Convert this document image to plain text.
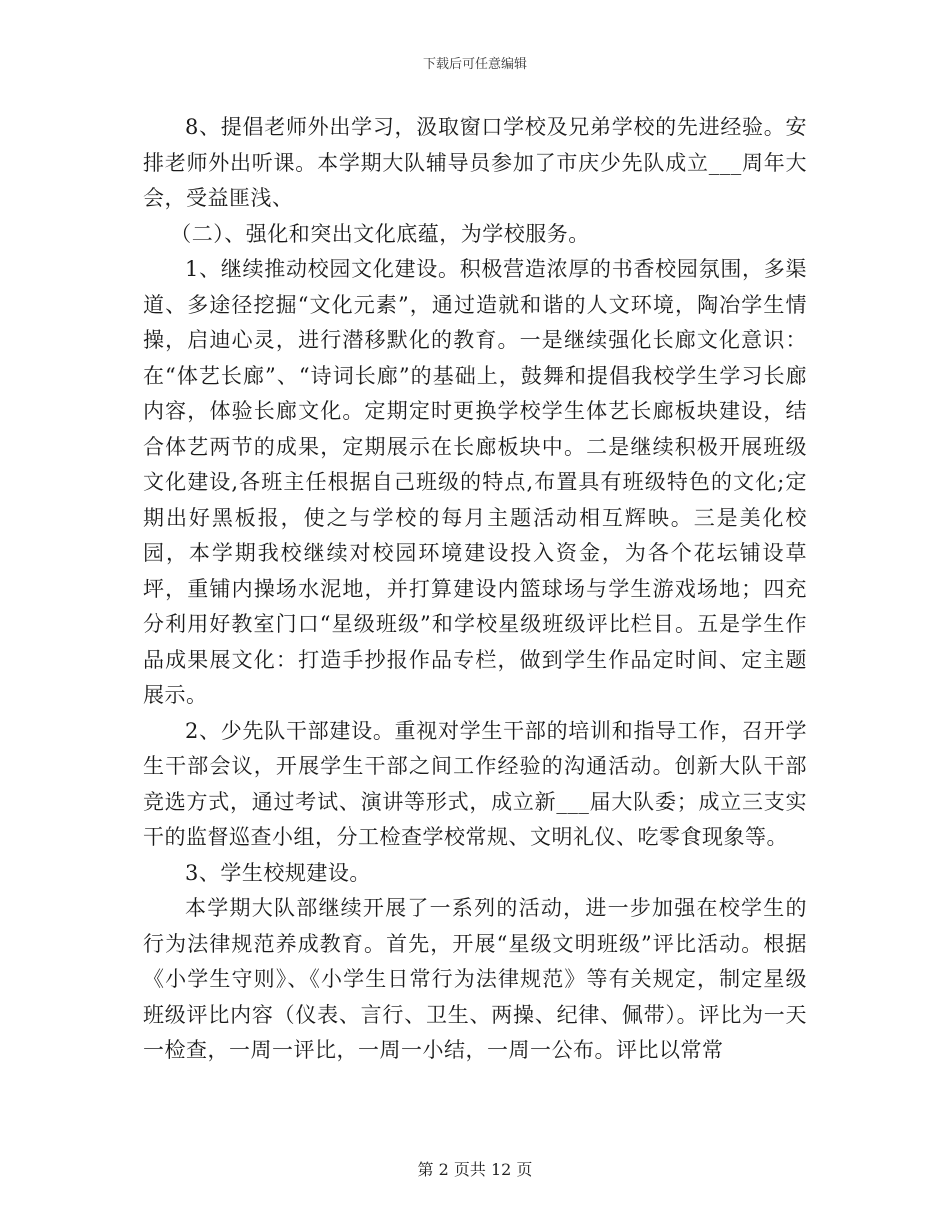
下载后可任意编辑

8、提倡老师外出学习，汲取窗口学校及兄弟学校的先进经验。安排老师外出听课。本学期大队辅导员参加了市庆少先队成立___周年大会，受益匪浅、

（二）、强化和突出文化底蕴，为学校服务。

1、继续推动校园文化建设。积极营造浓厚的书香校园氛围，多渠道、多途径挖掘“文化元素”，通过造就和谐的人文环境，陶冶学生情操，启迪心灵，进行潜移默化的教育。一是继续强化长廊文化意识：在“体艺长廊”、“诗词长廊”的基础上，鼓舞和提倡我校学生学习长廊内容，体验长廊文化。定期定时更换学校学生体艺长廊板块建设，结合体艺两节的成果，定期展示在长廊板块中。二是继续积极开展班级文化建设,各班主任根据自己班级的特点,布置具有班级特色的文化;定期出好黑板报，使之与学校的每月主题活动相互辉映。三是美化校园，本学期我校继续对校园环境建设投入资金，为各个花坛铺设草坪，重铺内操场水泥地，并打算建设内篮球场与学生游戏场地；四充分利用好教室门口“星级班级”和学校星级班级评比栏目。五是学生作品成果展文化：打造手抄报作品专栏，做到学生作品定时间、定主题展示。

2、少先队干部建设。重视对学生干部的培训和指导工作，召开学生干部会议，开展学生干部之间工作经验的沟通活动。创新大队干部竞选方式，通过考试、演讲等形式，成立新___届大队委；成立三支实干的监督巡查小组，分工检查学校常规、文明礼仪、吃零食现象等。

3、学生校规建设。

本学期大队部继续开展了一系列的活动，进一步加强在校学生的行为法律规范养成教育。首先，开展“星级文明班级”评比活动。根据《小学生守则》、《小学生日常行为法律规范》等有关规定，制定星级班级评比内容（仪表、言行、卫生、两操、纪律、佩带）。评比为一天一检查，一周一评比，一周一小结，一周一公布。评比以常常

第 2 页共 12 页
